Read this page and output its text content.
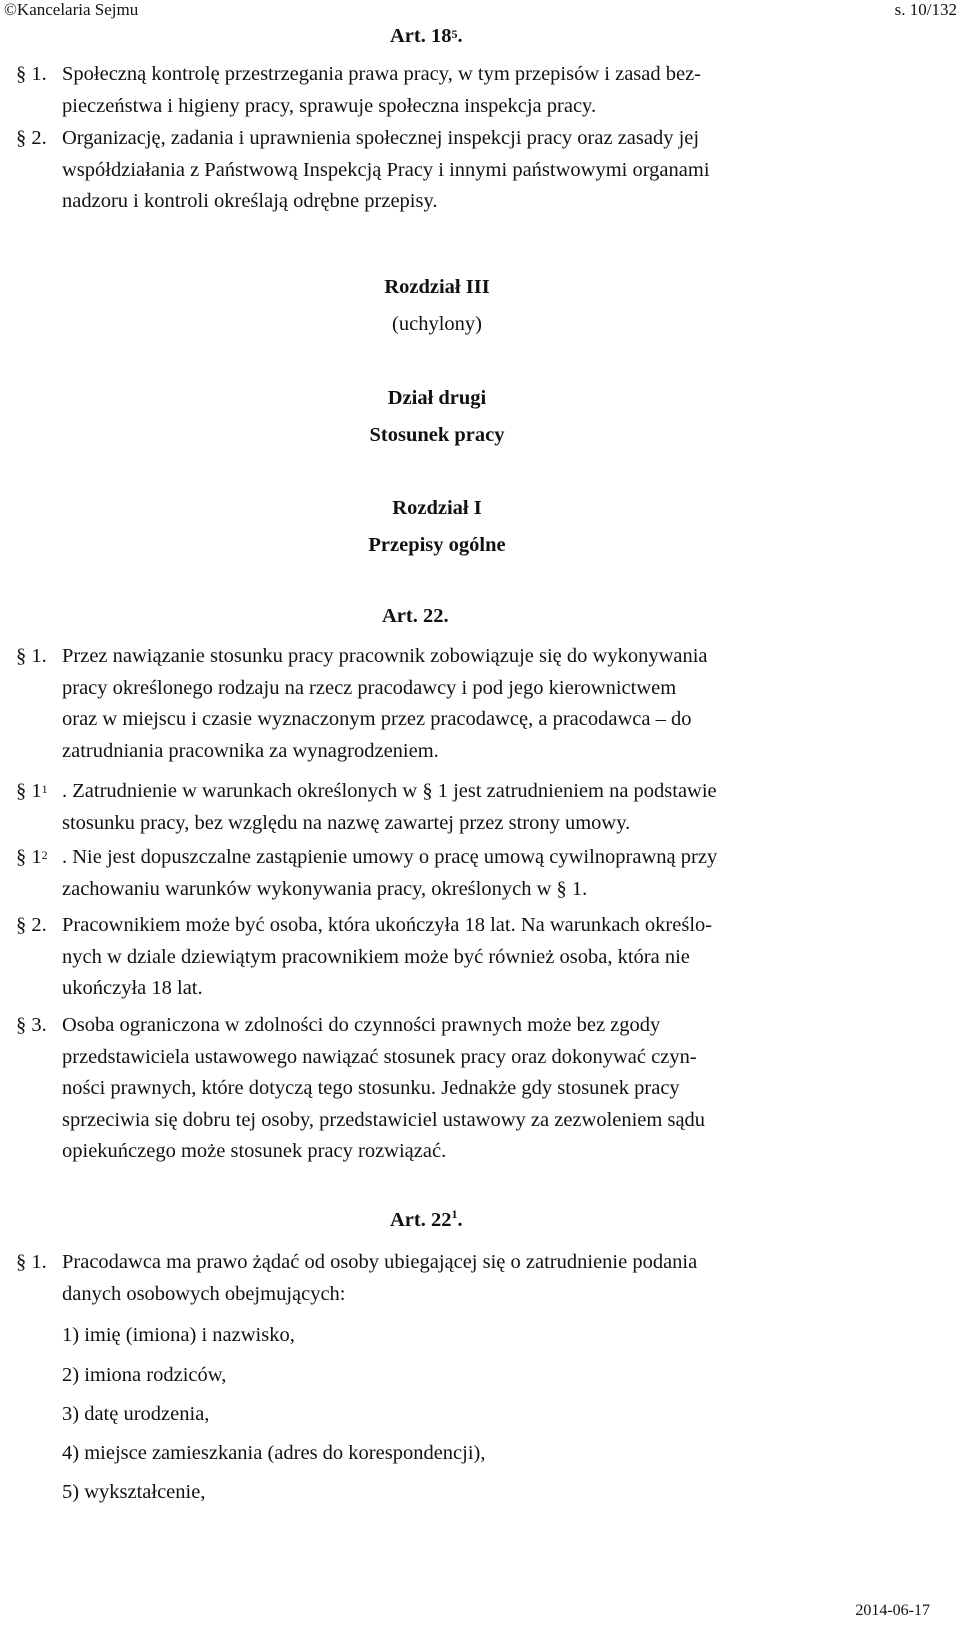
©Kancelaria Sejmu	s. 10/132
Art. $18^5$.
§ 1. Społeczną kontrolę przestrzegania prawa pracy, w tym przepisów i zasad bez-
pieczeństwa i higieny pracy, sprawuje społeczna inspekcja pracy.
§ 2. Organizację, zadania i uprawnienia społecznej inspekcji pracy oraz zasady jej
współdziałania z Państwową Inspekcją Pracy i innymi państwowymi organami
nadzoru i kontroli określają odrębne przepisy.
Rozdział III
(uchylony)
Dział drugi
Stosunek pracy
Rozdział I
Przepisy ogólne
Art. 22.
§ 1. Przez nawiązanie stosunku pracy pracownik zobowiązuje się do wykonywania
pracy określonego rodzaju na rzecz pracodawcy i pod jego kierownictwem
oraz w miejscu i czasie wyznaczonym przez pracodawcę, a pracodawca – do
zatrudniania pracownika za wynagrodzeniem.
§ $1^1$ . Zatrudnienie w warunkach określonych w § 1 jest zatrudnieniem na podstawie
stosunku pracy, bez względu na nazwę zawartej przez strony umowy.
§ $1^2$ . Nie jest dopuszczalne zastąpienie umowy o pracę umową cywilnoprawną przy
zachowaniu warunków wykonywania pracy, określonych w § 1.
§ 2. Pracownikiem może być osoba, która ukończyła 18 lat. Na warunkach określo-
nych w dziale dziewiątym pracownikiem może być również osoba, która nie
ukończyła 18 lat.
§ 3. Osoba ograniczona w zdolności do czynności prawnych może bez zgody
przedstawiciela ustawowego nawiązać stosunek pracy oraz dokonywać czyn-
ności prawnych, które dotyczą tego stosunku. Jednakże gdy stosunek pracy
sprzeciwia się dobru tej osoby, przedstawiciel ustawowy za zezwoleniem sądu
opiekuńczego może stosunek pracy rozwiązać.
Art. $22^1$.
§ 1. Pracodawca ma prawo żądać od osoby ubiegającej się o zatrudnienie podania
danych osobowych obejmujących:
1) imię (imiona) i nazwisko,
2) imiona rodziców,
3) datę urodzenia,
4) miejsce zamieszkania (adres do korespondencji),
5) wykształcenie,
2014-06-17
